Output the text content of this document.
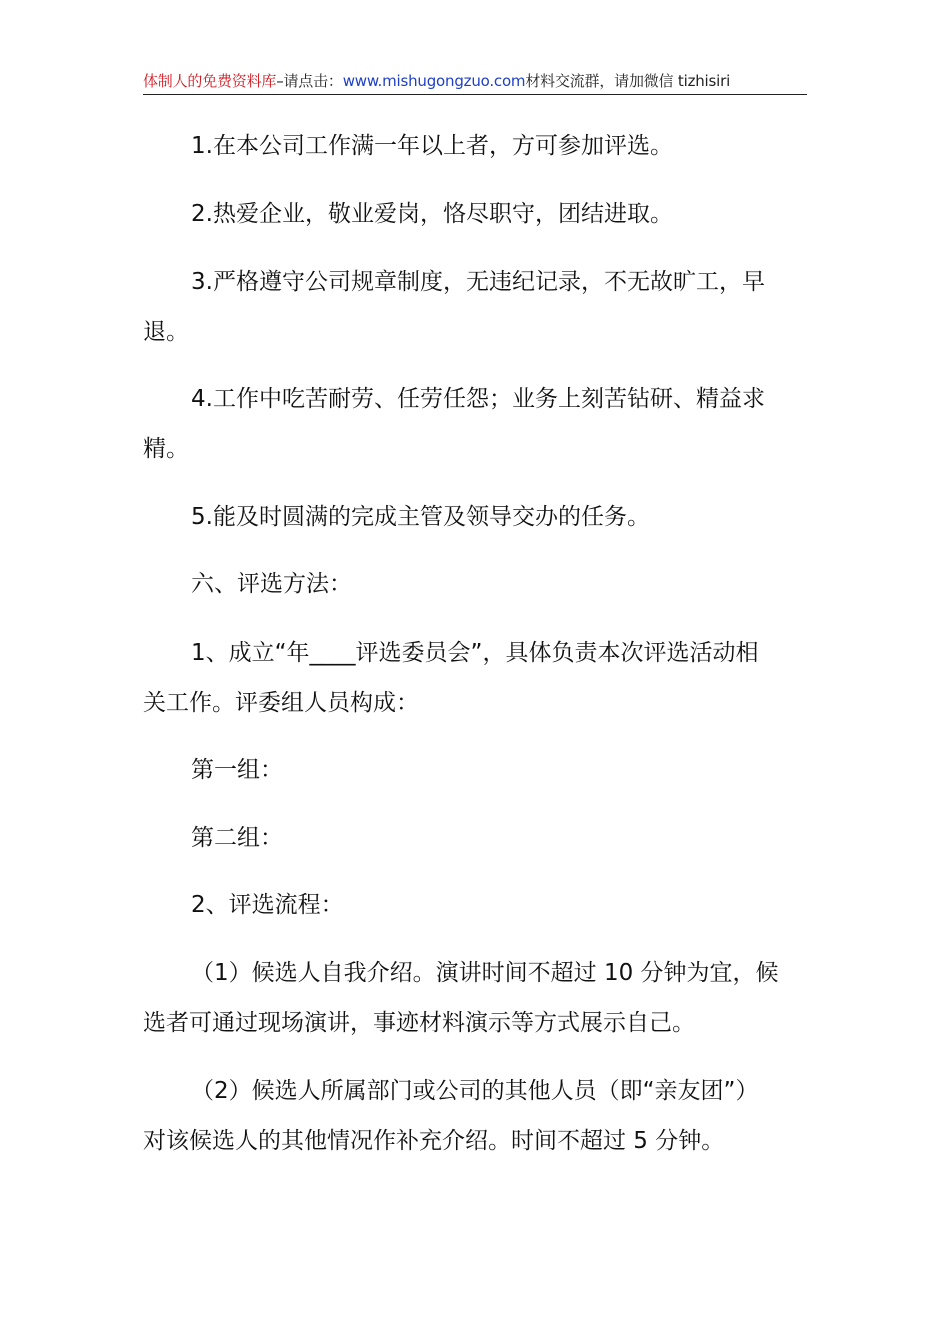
体制人的免费资料库–请点击：www.mishugongzuo.com材料交流群，请加微信 tizhisiri

1.在本公司工作满一年以上者，方可参加评选。

2.热爱企业，敬业爱岗，恪尽职守，团结进取。

3.严格遵守公司规章制度，无违纪记录，不无故旷工，早
退。

4.工作中吃苦耐劳、任劳任怨；业务上刻苦钻研、精益求
精。

5.能及时圆满的完成主管及领导交办的任务。

六、评选方法：

1、成立“年____评选委员会”，具体负责本次评选活动相
关工作。评委组人员构成：

第一组：

第二组：

2、评选流程：

（1）候选人自我介绍。演讲时间不超过 10 分钟为宜，候
选者可通过现场演讲，事迹材料演示等方式展示自己。

（2）候选人所属部门或公司的其他人员（即“亲友团”）
对该候选人的其他情况作补充介绍。时间不超过 5 分钟。
